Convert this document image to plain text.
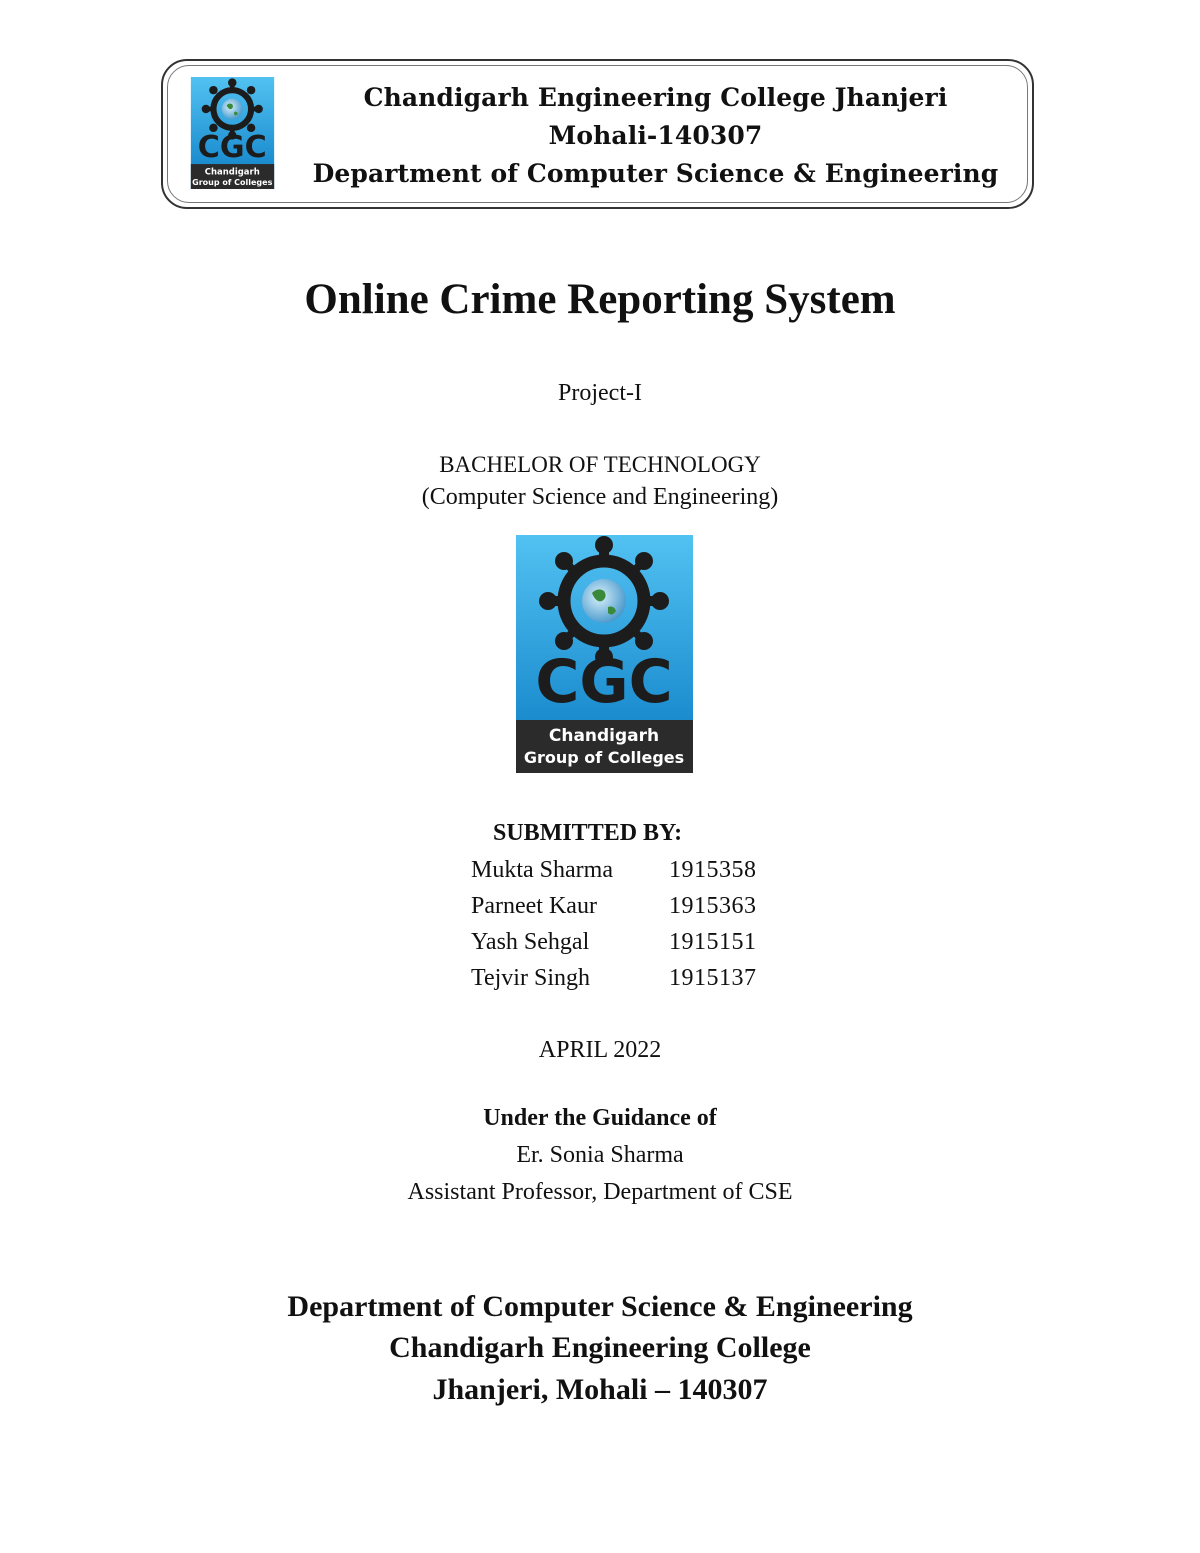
CGC
Chandigarh
Group of Colleges
Chandigarh Engineering College Jhanjeri
Mohali-140307
Department of Computer Science & Engineering
Online Crime Reporting System
Project-I
BACHELOR OF TECHNOLOGY
(Computer Science and Engineering)
CGC
Chandigarh
Group of Colleges
SUBMITTED BY:
Mukta Sharma 1915358
Parneet Kaur	1915363
Yash Sehgal	1915151
Tejvir Singh	1915137
APRIL 2022
Under the Guidance of
Er. Sonia Sharma
Assistant Professor, Department of CSE
Department of Computer Science & Engineering
Chandigarh Engineering College
Jhanjeri, Mohali – 140307
